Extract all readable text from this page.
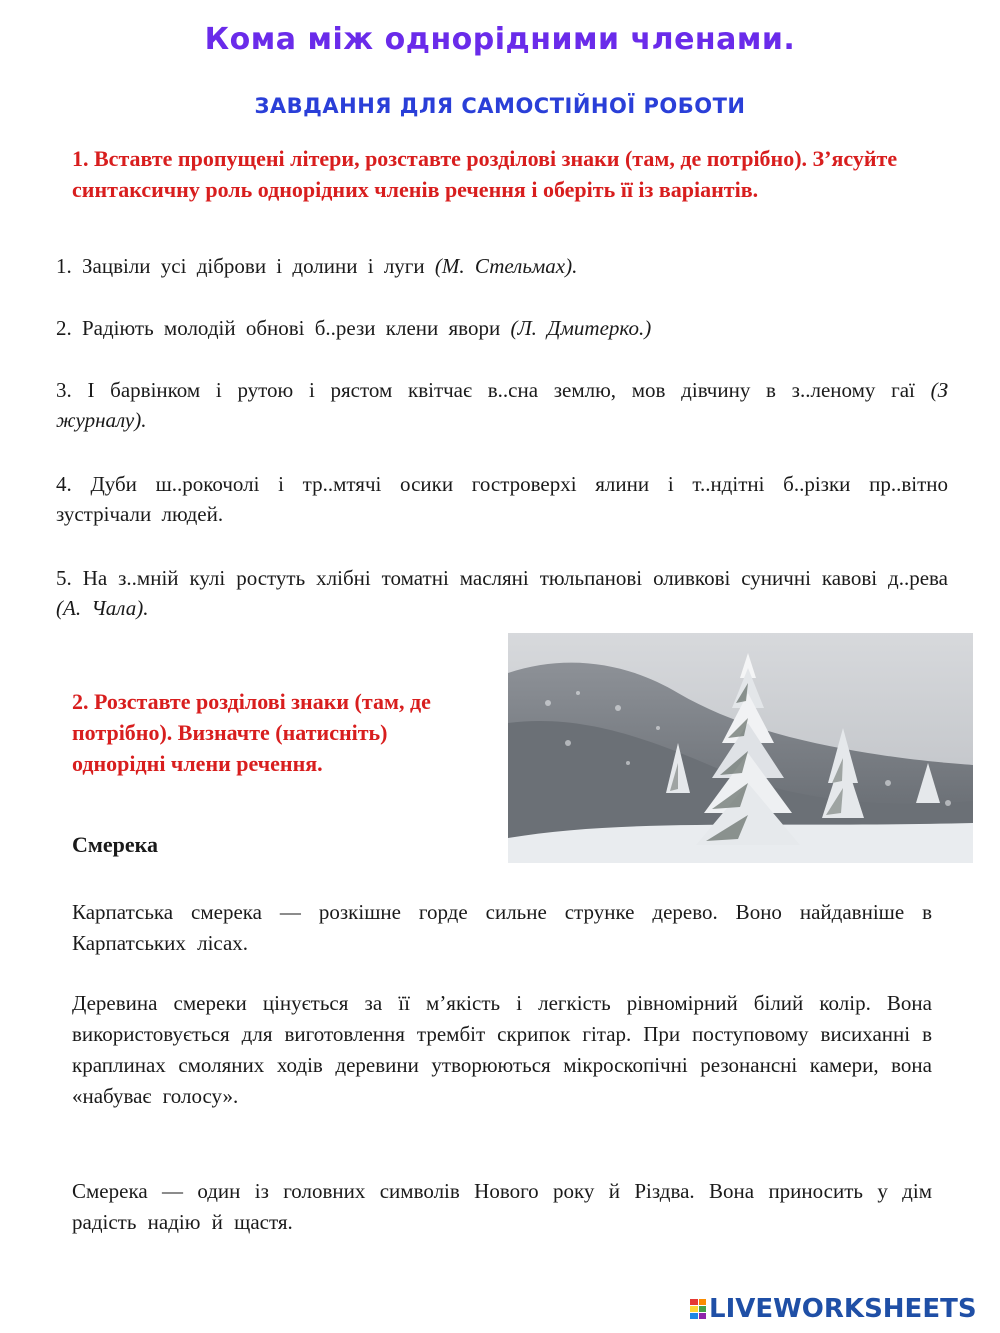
Кома між однорідними членами.
ЗАВДАННЯ ДЛЯ САМОСТІЙНОЇ РОБОТИ
1. Вставте пропущені літери, розставте розділові знаки (там, де потрібно). З’ясуйте синтаксичну роль однорідних членів речення і оберіть її із варіантів.
1. Зацвіли усі діброви і долини і луги (М. Стельмах).
2. Радіють молодій обнові б..рези клени явори (Л. Дмитерко.)
3. І барвінком і рутою і рястом квітчає в..сна землю, мов дівчину в з..леному гаї (З журналу).
4. Дуби ш..рокочолі і тр..мтячі осики гостроверхі ялини і т..ндітні б..різки пр..вітно зустрічали людей.
5. На з..мній кулі ростуть хлібні томатні масляні тюльпанові оливкові суничні кавові д..рева (А. Чала).
2. Розставте розділові знаки (там, де потрібно). Визначте (натисніть) однорідні члени речення.
Смерека
Карпатська смерека — розкішне горде сильне струнке дерево. Воно найдавніше в Карпатських лісах.
Деревина смереки цінується за її м’якість і легкість рівномірний білий колір. Вона використовується для виготовлення трембіт скрипок гітар. При поступовому висиханні в краплинах смоляних ходів деревини утворюються мікроскопічні резонансні камери, вона «набуває голосу».
Смерека — один із головних символів Нового року й Різдва. Вона приносить у дім радість надію й щастя.
LIVEWORKSHEETS
